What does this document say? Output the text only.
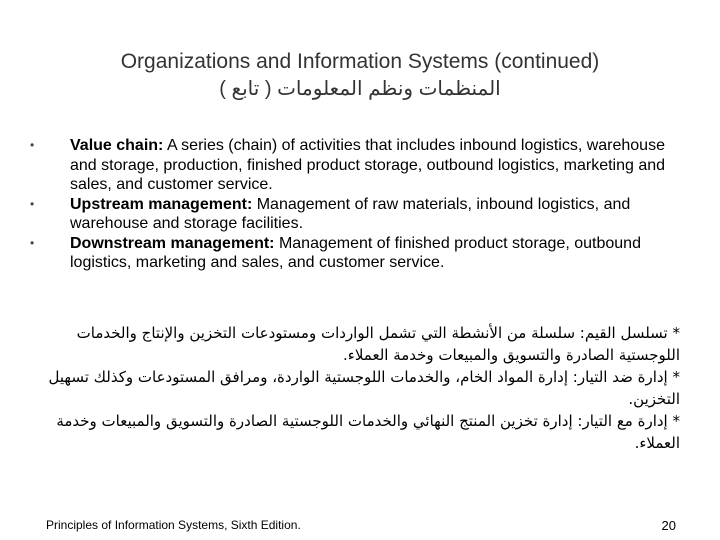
Organizations and Information Systems (continued)
المنظمات ونظم المعلومات ( تابع )
• Value chain: A series (chain) of activities that includes inbound logistics, warehouse and storage, production, finished product storage, outbound logistics, marketing and sales, and customer service.
• Upstream management: Management of raw materials, inbound logistics, and warehouse and storage facilities.
• Downstream management: Management of finished product storage, outbound logistics, marketing and sales, and customer service.

* تسلسل القيم: سلسلة من الأنشطة التي تشمل الواردات ومستودعات التخزين والإنتاج والخدمات اللوجستية الصادرة والتسويق والمبيعات وخدمة العملاء.

* إدارة ضد التيار: إدارة المواد الخام، والخدمات اللوجستية الواردة، ومرافق المستودعات وكذلك تسهيل التخزين.

* إدارة مع التيار: إدارة تخزين المنتج النهائي والخدمات اللوجستية الصادرة والتسويق والمبيعات وخدمة العملاء.

Principles of Information Systems, Sixth Edition.	20
